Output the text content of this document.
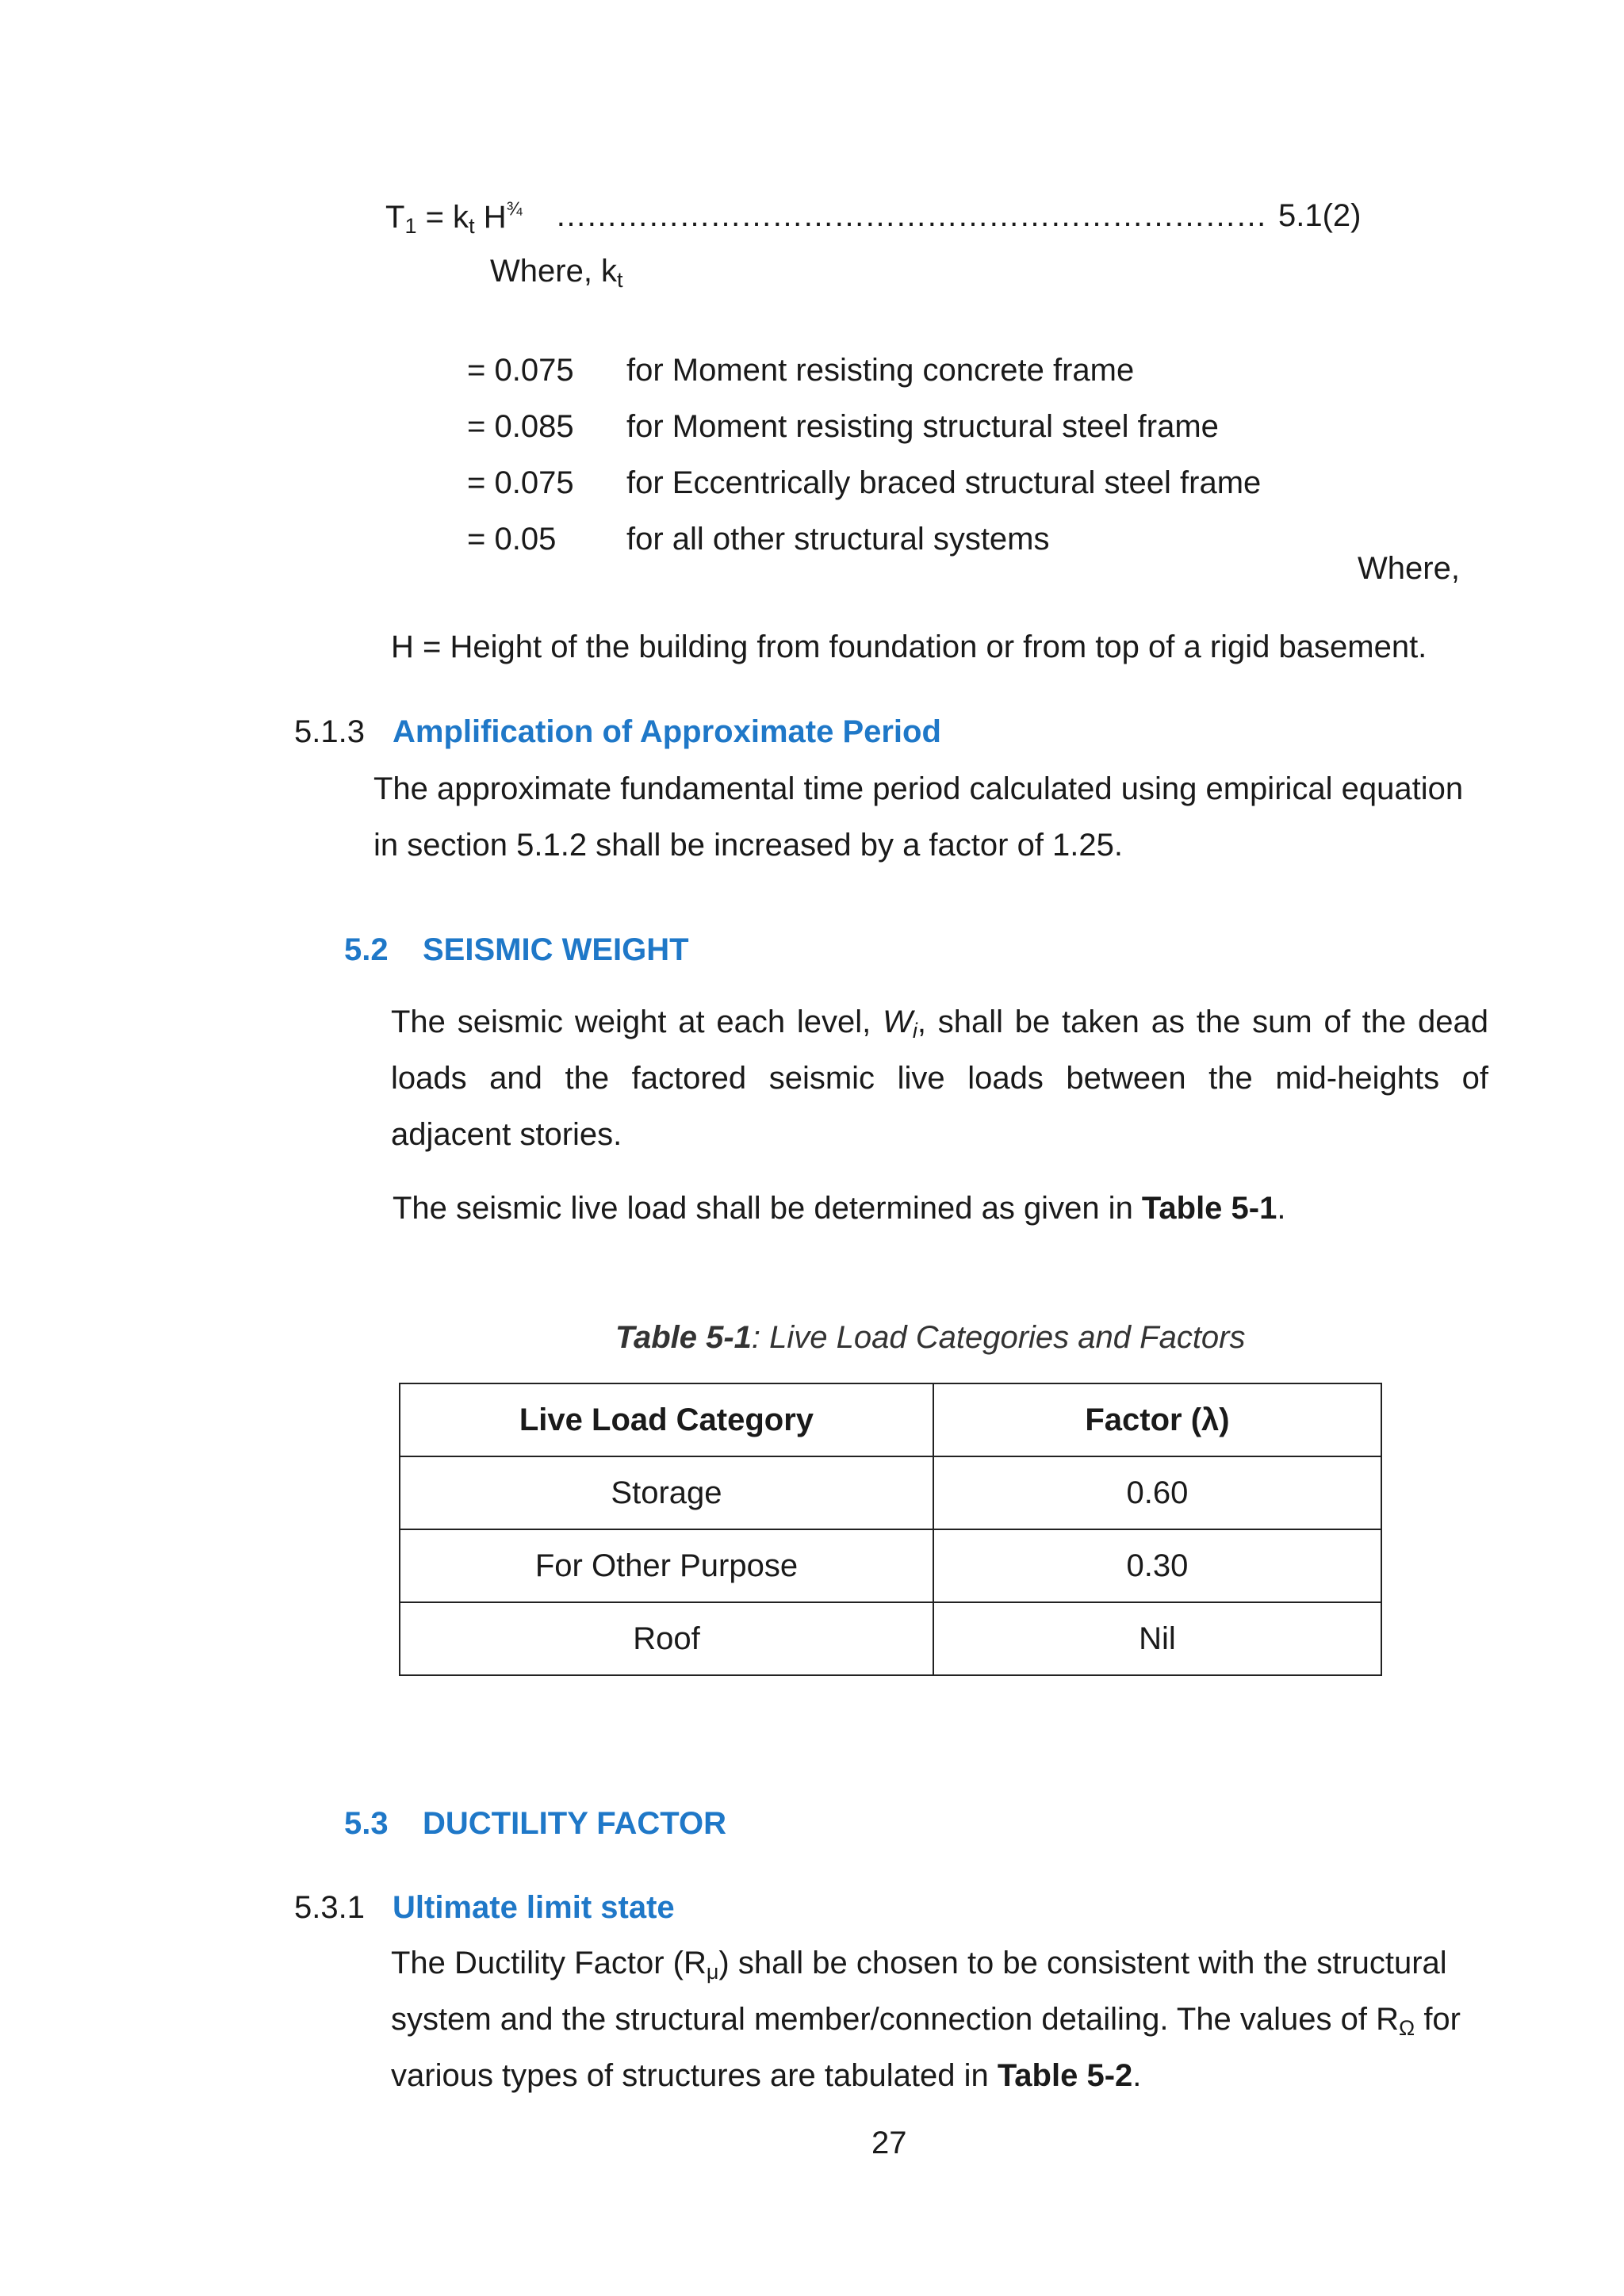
$T_1 = k_t$ $H^{\frac{3}{4}}$ …………………………………………………………… 5.1(2)
Where, $k_t$
= 0.075 for Moment resisting concrete frame
= 0.085 for Moment resisting structural steel frame
= 0.075 for Eccentrically braced structural steel frame
= 0.05 for all other structural systems
Where,
H = Height of the building from foundation or from top of a rigid basement.
5.1.3 Amplification of Approximate Period
The approximate fundamental time period calculated using empirical equation
in section 5.1.2 shall be increased by a factor of 1.25.
5.2 SEISMIC WEIGHT
The seismic weight at each level, $W_i$, shall be taken as the sum of the dead
loads and the factored seismic live loads between the mid-heights of
adjacent stories.
The seismic live load shall be determined as given in Table 5-1.
Table 5-1: Live Load Categories and Factors
Live Load Category	Factor (λ)
Storage	0.60
For Other Purpose	0.30
Roof	Nil
5.3 DUCTILITY FACTOR
5.3.1 Ultimate limit state
The Ductility Factor $(R_\mu)$ shall be chosen to be consistent with the structural
system and the structural member/connection detailing. The values of $R_\Omega$ for
various types of structures are tabulated in Table 5-2.
27
